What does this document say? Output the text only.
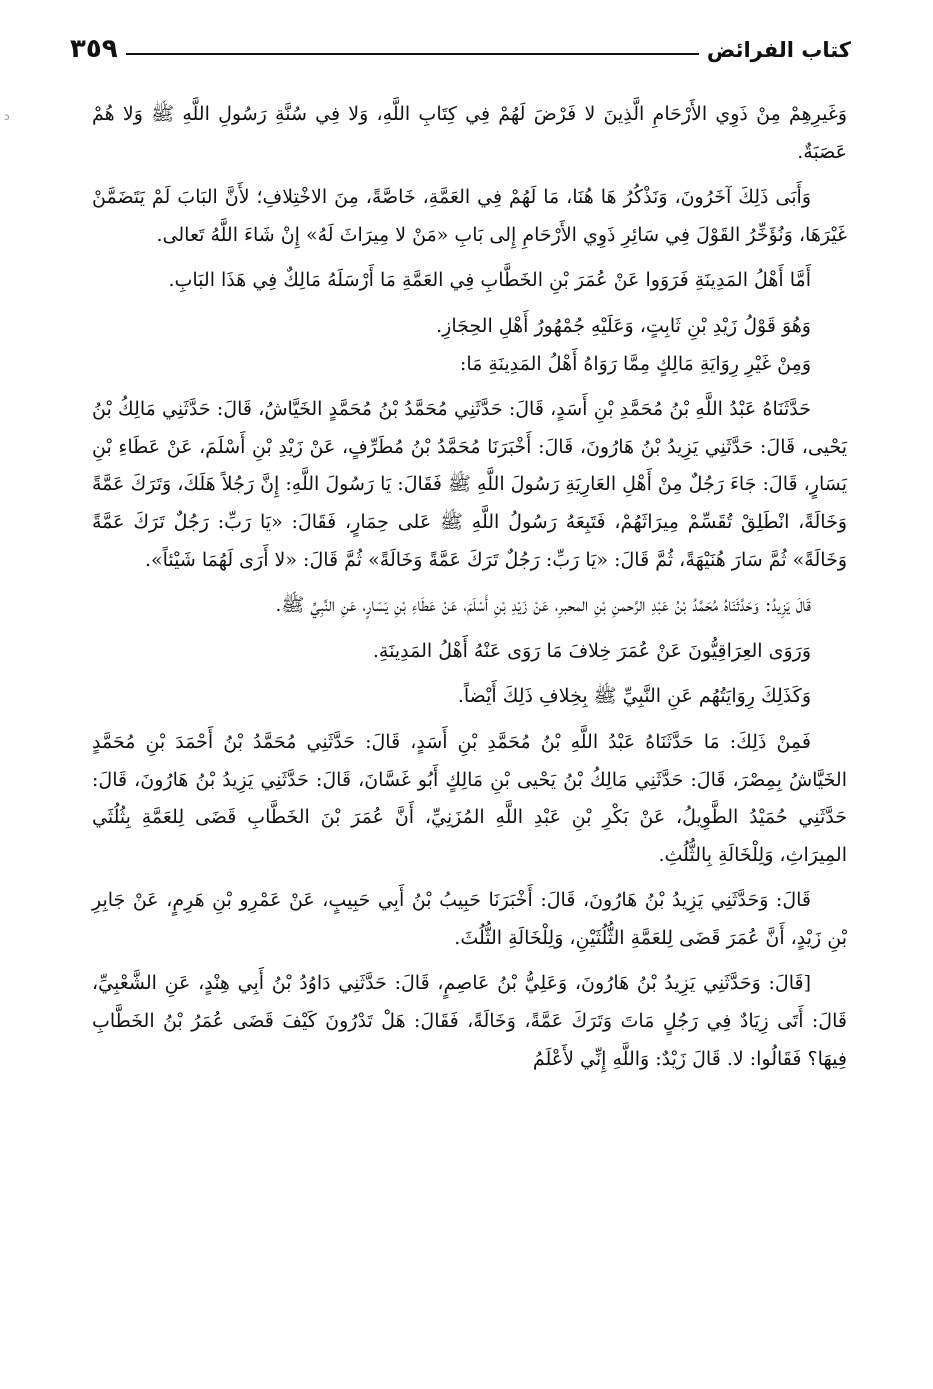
كتاب الفرائض
٣٥٩
ɔ	وَغَيرِهِمْ مِنْ ذَوِي الأَرْحَامِ الَّذِينَ لا فَرْضَ لَهُمْ فِي كِتَابِ اللَّهِ، وَلا فِي سُنَّةِ رَسُولِ اللَّهِ ﷺ وَلا هُمْ عَصَبَةٌ.

وَأَبَى ذَلِكَ آخَرُونَ، وَنَذْكُرُ هَا هُنَا، مَا لَهُمْ فِي العَمَّةِ، خَاصَّةً، مِنَ الاخْتِلافِ؛ لأَنَّ البَابَ لَمْ يَتَضَمَّنْ غَيْرَهَا، وَنُؤَخِّرُ القَوْلَ فِي سَائِرِ ذَوِي الأَرْحَامِ إِلى بَابِ «مَنْ لا مِيرَاثَ لَهُ» إِنْ شَاءَ اللَّهُ تَعالى.

أَمَّا أَهْلُ المَدِينَةِ فَرَوَوا عَنْ عُمَرَ بْنِ الخَطَّابِ فِي العَمَّةِ مَا أَرْسَلَهُ مَالِكٌ فِي هَذَا البَابِ.

وَهُوَ قَوْلُ زَيْدِ بْنِ ثَابِتٍ، وَعَلَيْهِ جُمْهُورُ أَهْلِ الحِجَازِ.

وَمِنْ غَيْرِ رِوَايَةِ مَالِكٍ مِمَّا رَوَاهُ أَهْلُ المَدِينَةِ مَا:

حَدَّثَنَاهُ عَبْدُ اللَّهِ بْنُ مُحَمَّدِ بْنِ أَسَدٍ، قَالَ: حَدَّثَنِي مُحَمَّدُ بْنُ مُحَمَّدٍ الخَيَّاشُ، قَالَ: حَدَّثَنِي مَالِكُ بْنُ يَحْيى، قَالَ: حَدَّثَنِي يَزِيدُ بْنُ هَارُونَ، قَالَ: أَخْبَرَنَا مُحَمَّدُ بْنُ مُطَرِّفٍ، عَنْ زَيْدِ بْنِ أَسْلَمَ، عَنْ عَطَاءِ بْنِ يَسَارٍ، قَالَ: جَاءَ رَجُلٌ مِنْ أَهْلِ العَارِيَةِ رَسُولَ اللَّهِ ﷺ فَقَالَ: يَا رَسُولَ اللَّهِ: إِنَّ رَجُلاً هَلَكَ، وَتَرَكَ عَمَّةً وَخَالَةً، انْطَلِقْ تُقَسِّمْ مِيرَاثَهُمْ، فَتَبِعَهُ رَسُولُ اللَّهِ ﷺ عَلى حِمَارٍ، فَقَالَ: «يَا رَبِّ: رَجُلٌ تَرَكَ عَمَّةً وَخَالَةً» ثُمَّ سَارَ هُنَيْهَةً، ثُمَّ قَالَ: «يَا رَبِّ: رَجُلٌ تَرَكَ عَمَّةً وَخَالَةً» ثُمَّ قَالَ: «لا أَرَى لَهُمَا شَيْئاً».

قَالَ يَزِيدُ: وَحَدَّثَنَاهُ مُحَمَّدُ بْنُ عَبْدِ الرَّحمنِ بْنِ المحبرِ، عَنْ زَيْدِ بْنِ أَسْلَمَ، عَنْ عَطَاءِ بْنِ يَسَارٍ، عَنِ النَّبِيِّ ﷺ.

وَرَوَى العِرَاقِيُّونَ عَنْ عُمَرَ خِلافَ مَا رَوَى عَنْهُ أَهْلُ المَدِينَةِ.

وَكَذَلِكَ رِوَايَتُهُم عَنِ النَّبِيِّ ﷺ بِخِلافِ ذَلِكَ أَيْضاً.

فَمِنْ ذَلِكَ: مَا حَدَّثَنَاهُ عَبْدُ اللَّهِ بْنُ مُحَمَّدِ بْنِ أَسَدٍ، قَالَ: حَدَّثَنِي مُحَمَّدُ بْنُ أَحْمَدَ بْنِ مُحَمَّدٍ الخَيَّاشُ بِمِصْرَ، قَالَ: حَدَّثَنِي مَالِكُ بْنُ يَحْيى بْنِ مَالِكٍ أَبُو غَسَّانَ، قَالَ: حَدَّثَنِي يَزِيدُ بْنُ هَارُونَ، قَالَ: حَدَّثَنِي حُمَيْدُ الطَّوِيلُ، عَنْ بَكْرِ بْنِ عَبْدِ اللَّهِ المُزَنِيِّ، أَنَّ عُمَرَ بْنَ الخَطَّابِ قَضَى لِلعَمَّةِ بِثُلُثَي المِيرَاثِ، وَلِلْخَالَةِ بِالثُّلُثِ.

قَالَ: وَحَدَّثَنِي يَزِيدُ بْنُ هَارُونَ، قَالَ: أَخْبَرَنَا حَبِيبُ بْنُ أَبِي حَبِيبٍ، عَنْ عَمْرِو بْنِ هَرِمٍ، عَنْ جَابِرِ بْنِ زَيْدٍ، أَنَّ عُمَرَ قَضَى لِلعَمَّةِ الثُّلُثَيْنِ، وَلِلْخَالَةِ الثُّلُثَ.

[قَالَ: وَحَدَّثَنِي يَزِيدُ بْنُ هَارُونَ، وَعَلِيُّ بْنُ عَاصِمٍ، قَالَ: حَدَّثَنِي دَاوُدُ بْنُ أَبِي هِنْدٍ، عَنِ الشَّعْبِيِّ، قَالَ: أَتَى زِيَادٌ فِي رَجُلٍ مَاتَ وَتَرَكَ عَمَّةً، وَخَالَةً، فَقَالَ: هَلْ تَدْرُونَ كَيْفَ قَضَى عُمَرُ بْنُ الخَطَّابِ فِيهَا؟ فَقَالُوا: لا. قَالَ زَيْدٌ: وَاللَّهِ إِنِّي لأَعْلَمُ
